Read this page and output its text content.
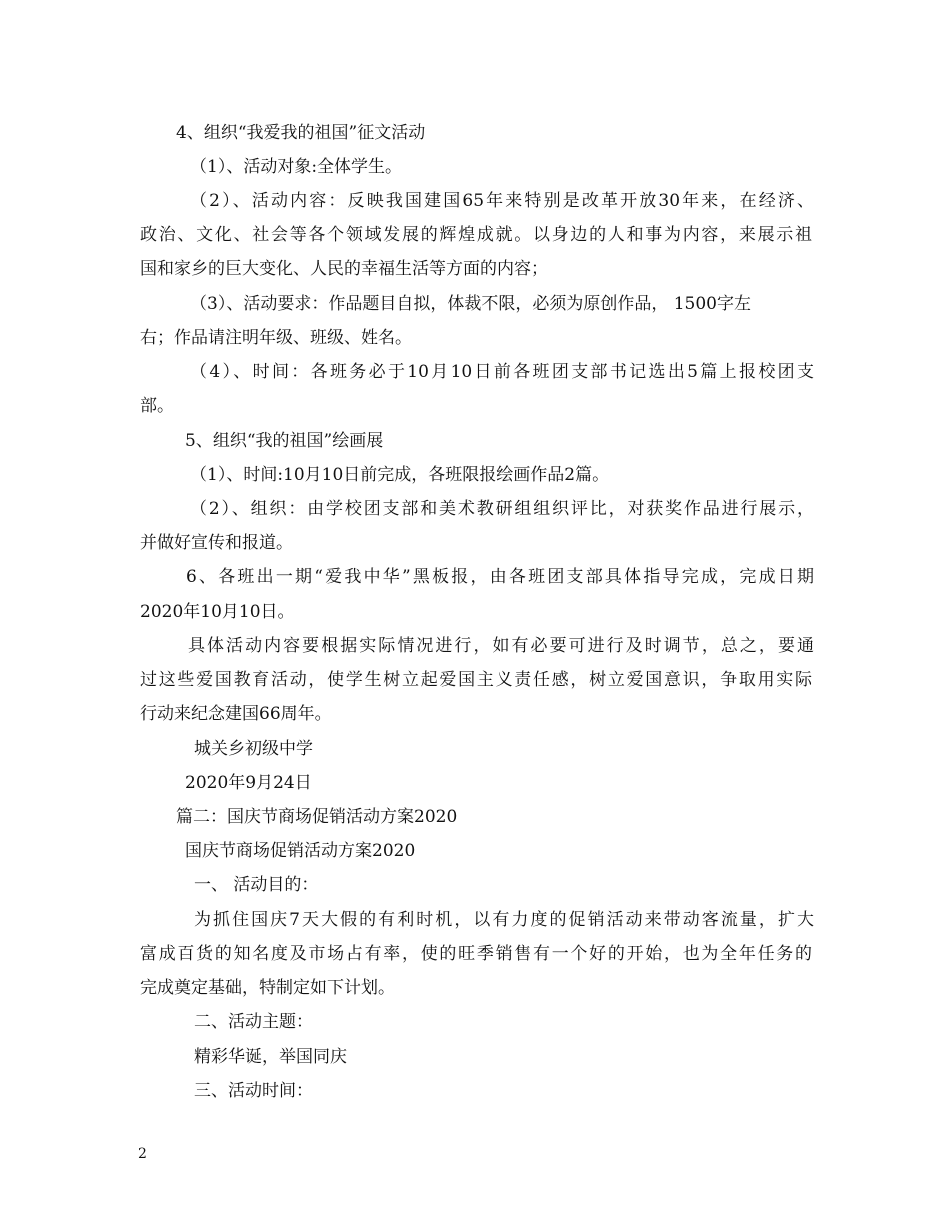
4、组织“我爱我的祖国”征文活动
（1）、活动对象:全体学生。
（2）、活动内容：反映我国建国65年来特别是改革开放30年来，在经济、
政治、文化、社会等各个领域发展的辉煌成就。以身边的人和事为内容，来展示祖
国和家乡的巨大变化、人民的幸福生活等方面的内容；
（3）、活动要求：作品题目自拟，体裁不限，必须为原创作品， 1500字左
右；作品请注明年级、班级、姓名。
（4）、时间：各班务必于10月10日前各班团支部书记选出5篇上报校团支
部。
5、组织“我的祖国”绘画展
（1）、时间:10月10日前完成，各班限报绘画作品2篇。
（2）、组织：由学校团支部和美术教研组组织评比，对获奖作品进行展示，
并做好宣传和报道。
6、各班出一期“爱我中华”黑板报，由各班团支部具体指导完成，完成日期
2020年10月10日。
具体活动内容要根据实际情况进行，如有必要可进行及时调节，总之，要通
过这些爱国教育活动，使学生树立起爱国主义责任感，树立爱国意识，争取用实际
行动来纪念建国66周年。
城关乡初级中学
2020年9月24日
篇二：国庆节商场促销活动方案2020
国庆节商场促销活动方案2020
一、 活动目的：
为抓住国庆7天大假的有利时机，以有力度的促销活动来带动客流量，扩大
富成百货的知名度及市场占有率，使的旺季销售有一个好的开始，也为全年任务的
完成奠定基础，特制定如下计划。
二、活动主题：
精彩华诞，举国同庆
三、活动时间：
2
